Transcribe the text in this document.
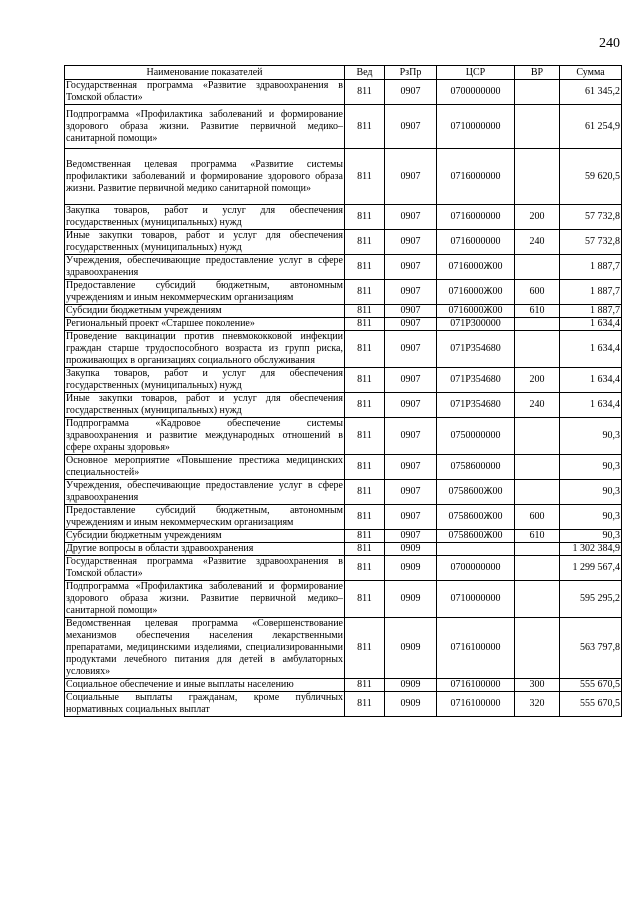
240
Наименование показателей	Вед	РзПр	ЦСР	ВР	Сумма
Государственная программа «Развитие здравоохранения в Томской области»	811	0907	0700000000		61 345,2
Подпрограмма «Профилактика заболеваний и формирование здорового образа жизни. Развитие первичной медико–санитарной помощи»	811	0907	0710000000		61 254,9
Ведомственная целевая программа «Развитие системы профилактики заболеваний и формирование здорового образа жизни. Развитие первичной медико санитарной помощи»	811	0907	0716000000		59 620,5
Закупка товаров, работ и услуг для обеспечения государственных (муниципальных) нужд	811	0907	0716000000	200	57 732,8
Иные закупки товаров, работ и услуг для обеспечения государственных (муниципальных) нужд	811	0907	0716000000	240	57 732,8
Учреждения, обеспечивающие предоставление услуг в сфере здравоохранения	811	0907	0716000Ж00		1 887,7
Предоставление субсидий бюджетным, автономным учреждениям и иным некоммерческим организациям	811	0907	0716000Ж00	600	1 887,7
Субсидии бюджетным учреждениям	811	0907	0716000Ж00	610	1 887,7
Региональный проект «Старшее поколение»	811	0907	071P300000		1 634,4
Проведение вакцинации против пневмококковой инфекции граждан старше трудоспособного возраста из групп риска, проживающих в организациях социального обслуживания	811	0907	071P354680		1 634,4
Закупка товаров, работ и услуг для обеспечения государственных (муниципальных) нужд	811	0907	071P354680	200	1 634,4
Иные закупки товаров, работ и услуг для обеспечения государственных (муниципальных) нужд	811	0907	071P354680	240	1 634,4
Подпрограмма «Кадровое обеспечение системы здравоохранения и развитие международных отношений в сфере охраны здоровья»	811	0907	0750000000		90,3
Основное мероприятие «Повышение престижа медицинских специальностей»	811	0907	0758600000		90,3
Учреждения, обеспечивающие предоставление услуг в сфере здравоохранения	811	0907	0758600Ж00		90,3
Предоставление субсидий бюджетным, автономным учреждениям и иным некоммерческим организациям	811	0907	0758600Ж00	600	90,3
Субсидии бюджетным учреждениям	811	0907	0758600Ж00	610	90,3
Другие вопросы в области здравоохранения	811	0909			1 302 384,9
Государственная программа «Развитие здравоохранения в Томской области»	811	0909	0700000000		1 299 567,4
Подпрограмма «Профилактика заболеваний и формирование здорового образа жизни. Развитие первичной медико–санитарной помощи»	811	0909	0710000000		595 295,2
Ведомственная целевая программа «Совершенствование механизмов обеспечения населения лекарственными препаратами, медицинскими изделиями, специализированными продуктами лечебного питания для детей в амбулаторных условиях»	811	0909	0716100000		563 797,8
Социальное обеспечение и иные выплаты населению	811	0909	0716100000	300	555 670,5
Социальные выплаты гражданам, кроме публичных нормативных социальных выплат	811	0909	0716100000	320	555 670,5
